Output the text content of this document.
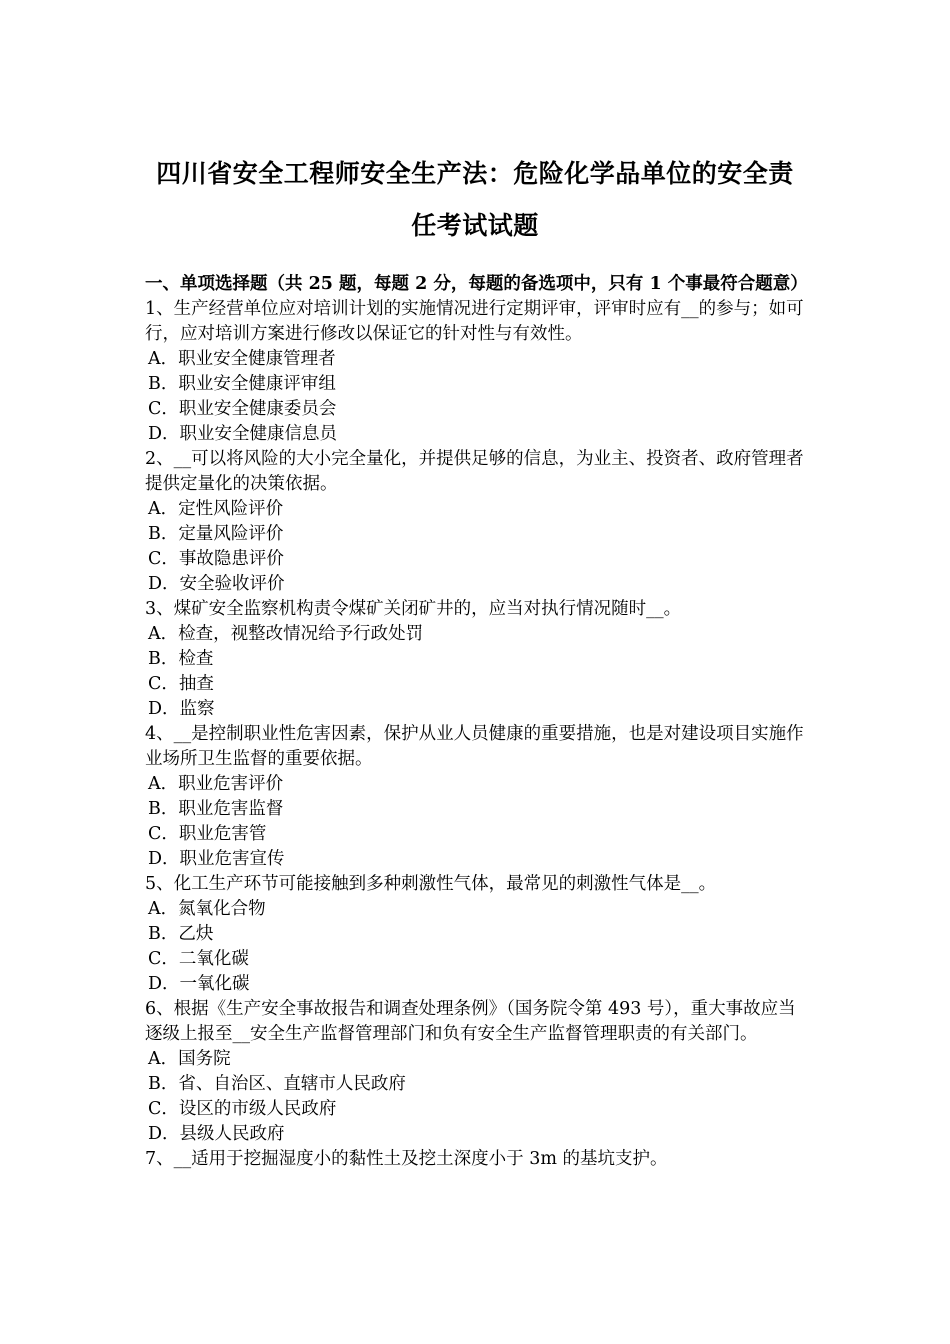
四川省安全工程师安全生产法：危险化学品单位的安全责任考试试题

一、单项选择题（共 25 题，每题 2 分，每题的备选项中，只有 1 个事最符合题意）

1、生产经营单位应对培训计划的实施情况进行定期评审，评审时应有__的参与；如可行，应对培训方案进行修改以保证它的针对性与有效性。

A．职业安全健康管理者

B．职业安全健康评审组

C．职业安全健康委员会

D．职业安全健康信息员

2、__可以将风险的大小完全量化，并提供足够的信息，为业主、投资者、政府管理者提供定量化的决策依据。

A．定性风险评价

B．定量风险评价

C．事故隐患评价

D．安全验收评价

3、煤矿安全监察机构责令煤矿关闭矿井的，应当对执行情况随时__。

A．检查，视整改情况给予行政处罚

B．检查

C．抽查

D．监察

4、__是控制职业性危害因素，保护从业人员健康的重要措施，也是对建设项目实施作业场所卫生监督的重要依据。

A．职业危害评价

B．职业危害监督

C．职业危害管

D．职业危害宣传

5、化工生产环节可能接触到多种刺激性气体，最常见的刺激性气体是__。

A．氮氧化合物

B．乙炔

C．二氧化碳

D．一氧化碳

6、根据《生产安全事故报告和调查处理条例》（国务院令第 493 号），重大事故应当逐级上报至__安全生产监督管理部门和负有安全生产监督管理职责的有关部门。

A．国务院

B．省、自治区、直辖市人民政府

C．设区的市级人民政府

D．县级人民政府

7、__适用于挖掘湿度小的黏性土及挖土深度小于 3m 的基坑支护。
